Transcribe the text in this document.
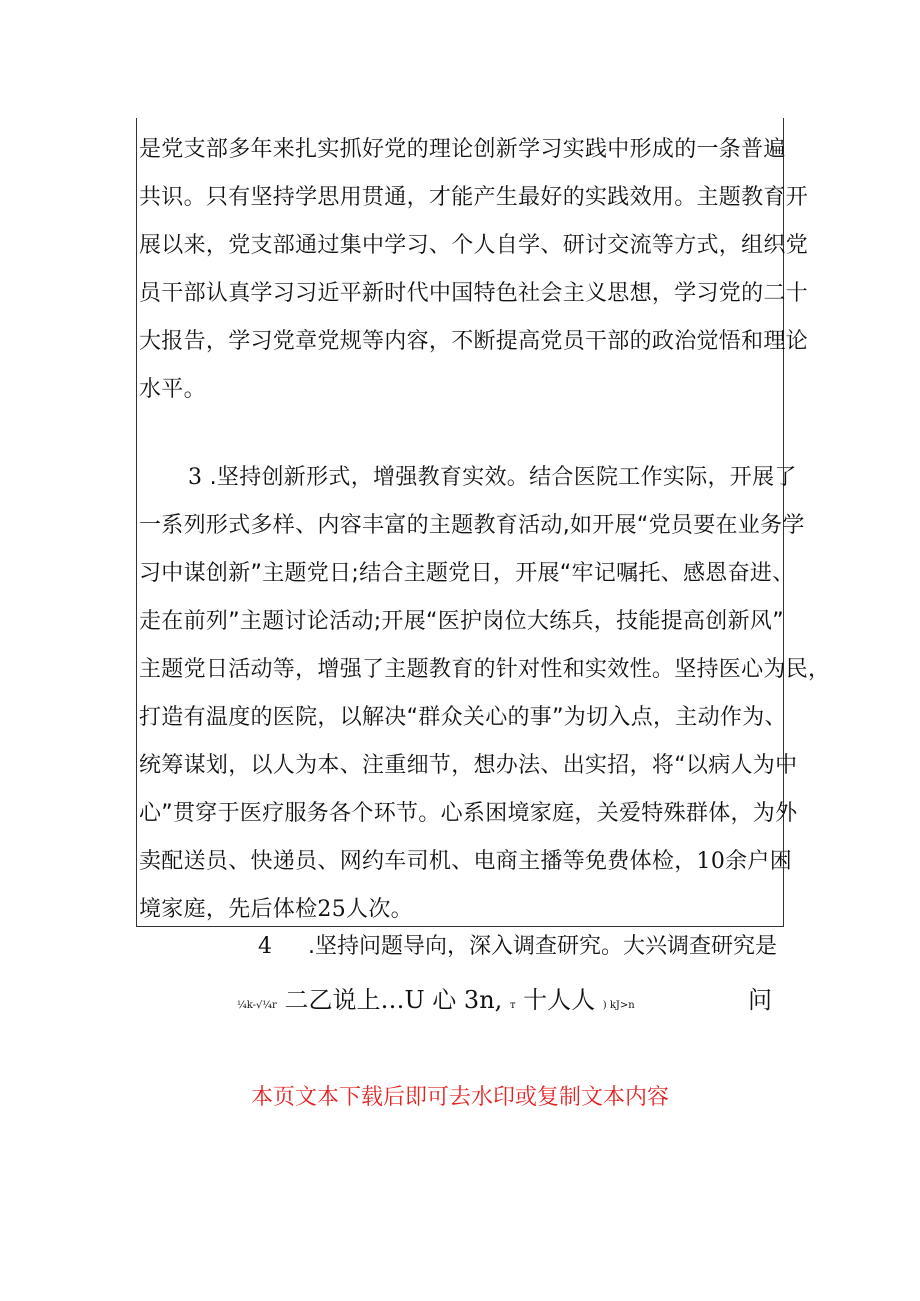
是党支部多年来扎实抓好党的理论创新学习实践中形成的一条普遍
共识。只有坚持学思用贯通，才能产生最好的实践效用。主题教育开
展以来，党支部通过集中学习、个人自学、研讨交流等方式，组织党
员干部认真学习习近平新时代中国特色社会主义思想，学习党的二十
大报告，学习党章党规等内容，不断提高党员干部的政治觉悟和理论
水平。
3 .坚持创新形式，增强教育实效。结合医院工作实际，开展了
一系列形式多样、内容丰富的主题教育活动,如开展“党员要在业务学
习中谋创新”主题党日;结合主题党日，开展“牢记嘱托、感恩奋进、
走在前列”主题讨论活动;开展“医护岗位大练兵，技能提高创新风”
主题党日活动等，增强了主题教育的针对性和实效性。坚持医心为民，
打造有温度的医院，以解决“群众关心的事”为切入点，主动作为、
统筹谋划，以人为本、注重细节，想办法、出实招，将“以病人为中
心”贯穿于医疗服务各个环节。心系困境家庭，关爱特殊群体，为外
卖配送员、快递员、网约车司机、电商主播等免费体检，10余户困
境家庭，先后体检25人次。
4 .坚持问题导向，深入调查研究。大兴调查研究是
¼k-√¼r 二乙说上…U 心 3n, т 十人人 ) kJ>n	问
本页文本下载后即可去水印或复制文本内容
